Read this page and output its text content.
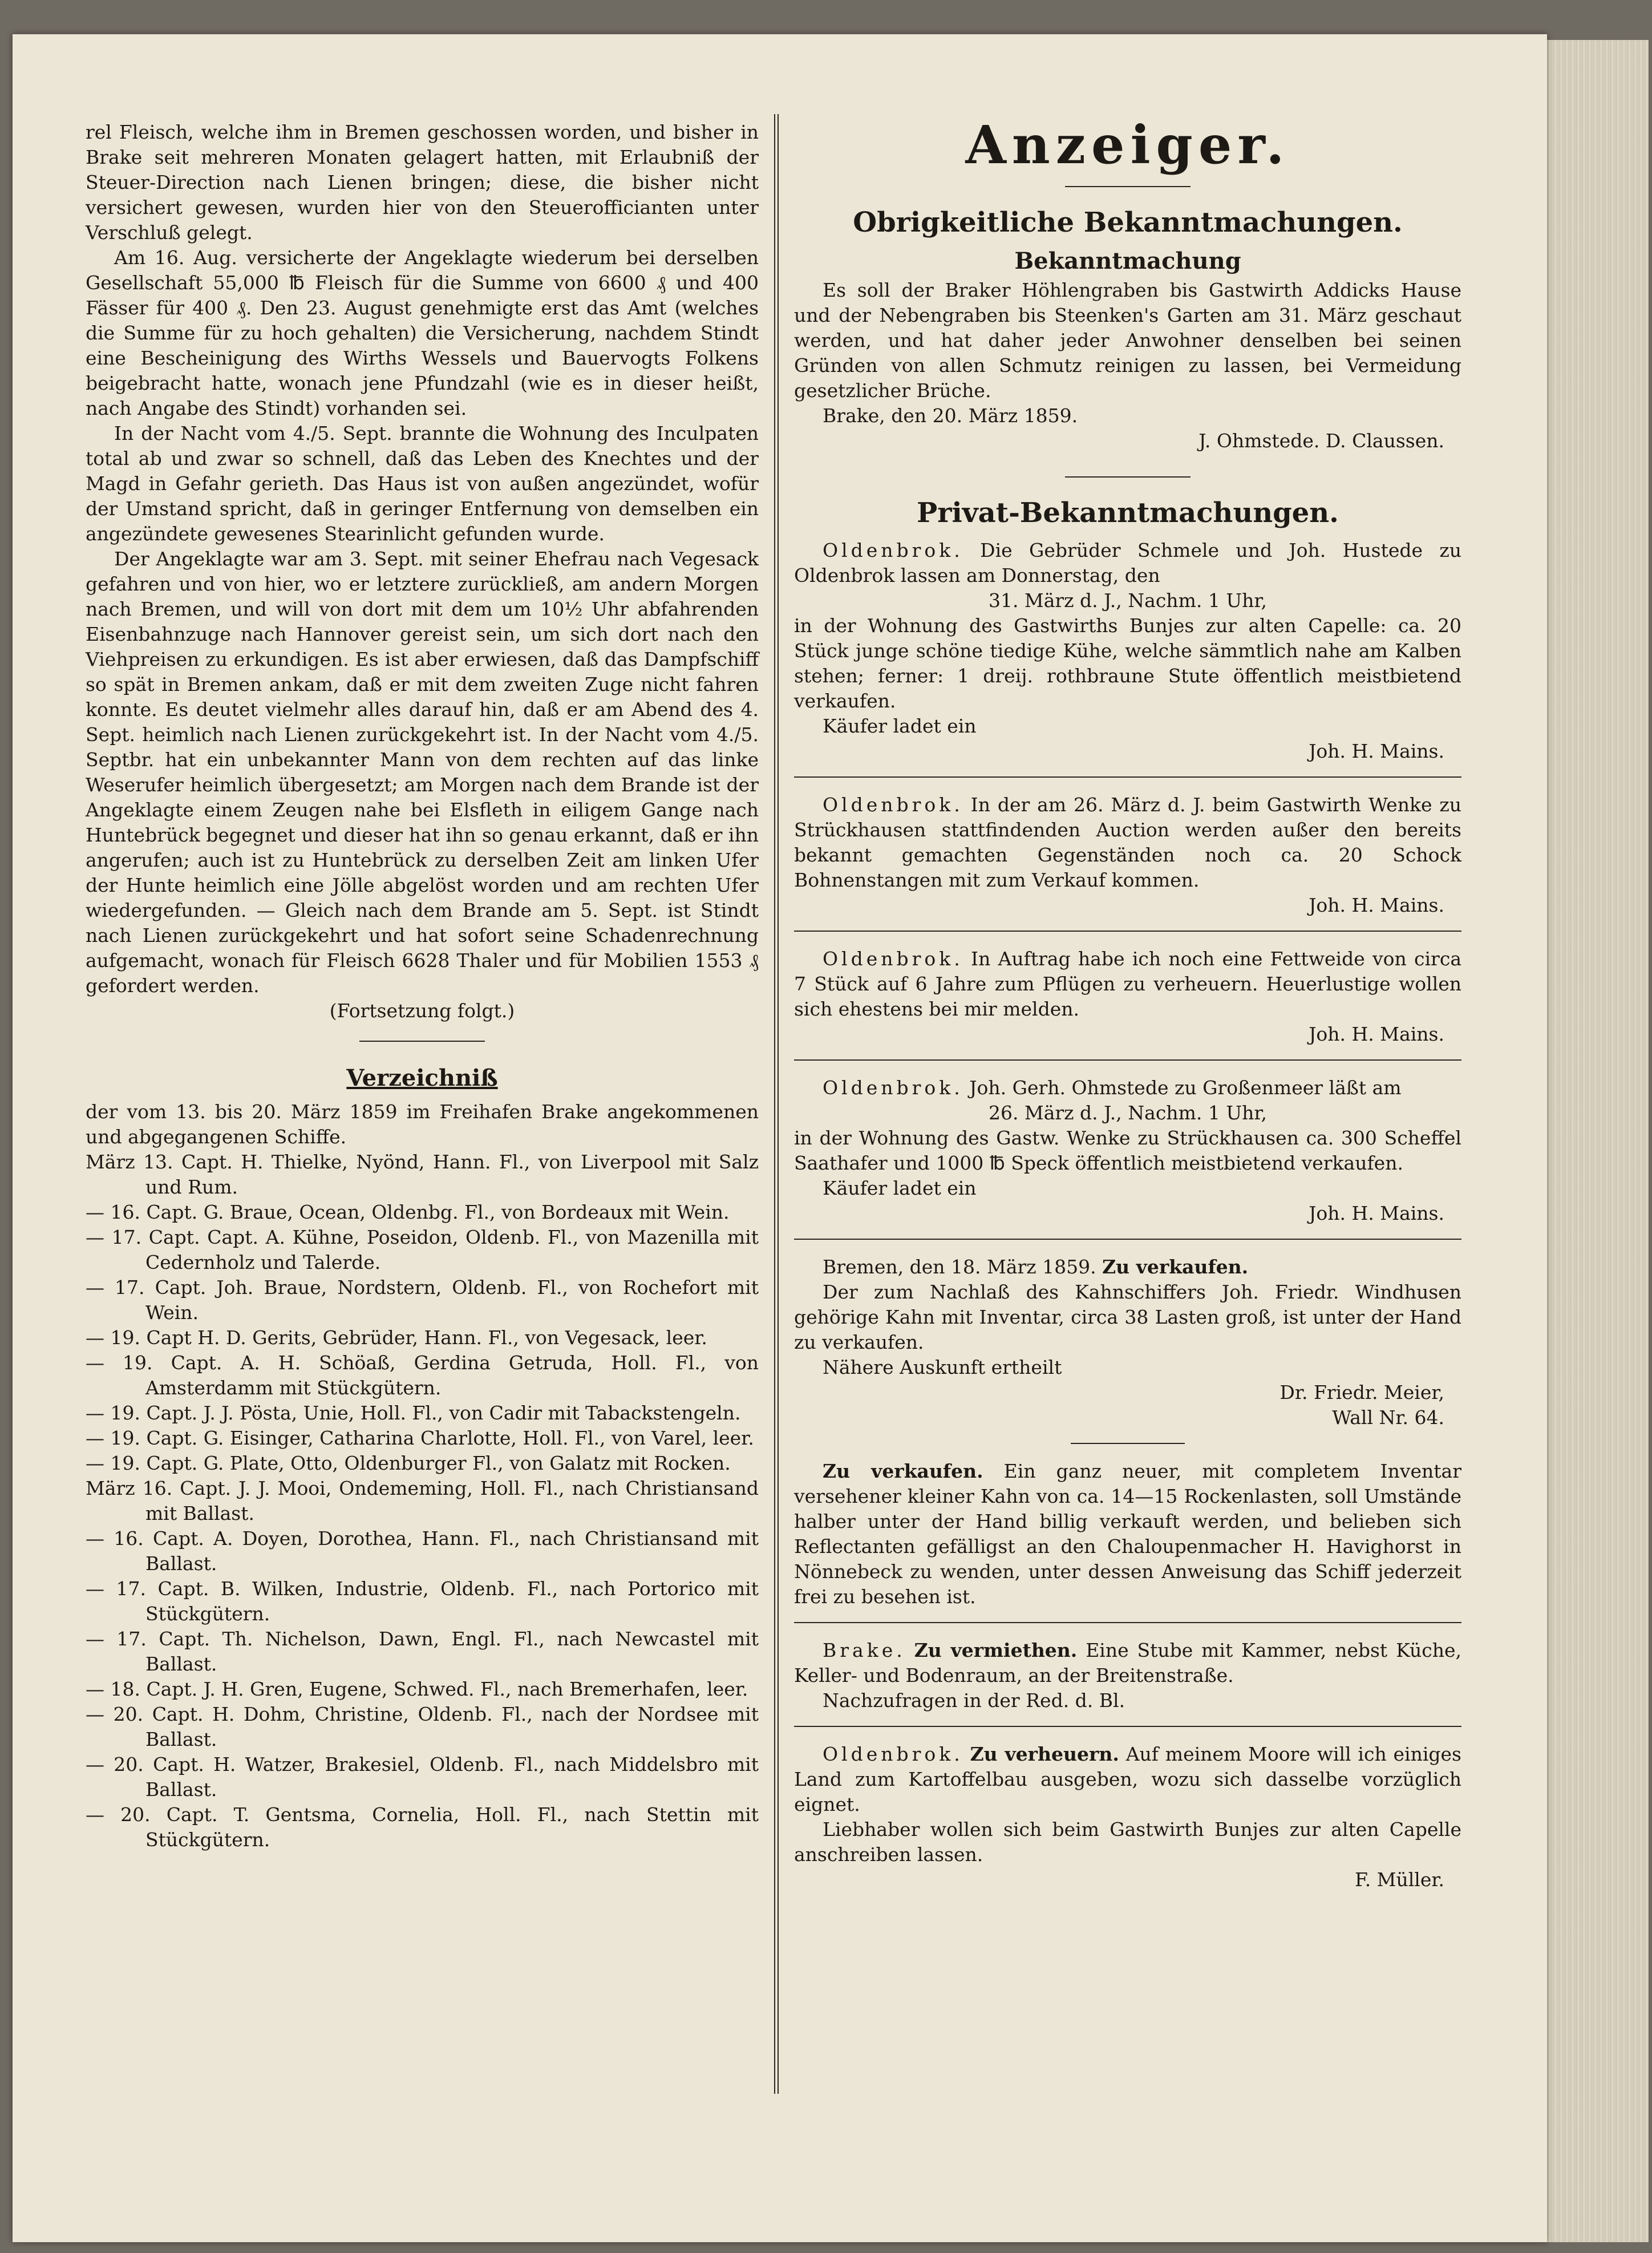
rel Fleisch, welche ihm in Bremen geschossen worden, und bisher in Brake seit mehreren Monaten gelagert hatten, mit Erlaubniß der Steuer-Direction nach Lienen bringen; diese, die bisher nicht versichert gewesen, wurden hier von den Steuerofficianten unter Verschluß gelegt.

Am 16. Aug. versicherte der Angeklagte wiederum bei derselben Gesellschaft 55,000 ℔ Fleisch für die Summe von 6600 ₰ und 400 Fässer für 400 ₰. Den 23. August genehmigte erst das Amt (welches die Summe für zu hoch gehalten) die Versicherung, nachdem Stindt eine Bescheinigung des Wirths Wessels und Bauervogts Folkens beigebracht hatte, wonach jene Pfundzahl (wie es in dieser heißt, nach Angabe des Stindt) vorhanden sei.

In der Nacht vom 4./5. Sept. brannte die Wohnung des Inculpaten total ab und zwar so schnell, daß das Leben des Knechtes und der Magd in Gefahr gerieth. Das Haus ist von außen angezündet, wofür der Umstand spricht, daß in geringer Entfernung von demselben ein angezündete gewesenes Stearinlicht gefunden wurde.

Der Angeklagte war am 3. Sept. mit seiner Ehefrau nach Vegesack gefahren und von hier, wo er letztere zurückließ, am andern Morgen nach Bremen, und will von dort mit dem um 10½ Uhr abfahrenden Eisenbahnzuge nach Hannover gereist sein, um sich dort nach den Viehpreisen zu erkundigen. Es ist aber erwiesen, daß das Dampfschiff so spät in Bremen ankam, daß er mit dem zweiten Zuge nicht fahren konnte. Es deutet vielmehr alles darauf hin, daß er am Abend des 4. Sept. heimlich nach Lienen zurückgekehrt ist. In der Nacht vom 4./5. Septbr. hat ein unbekannter Mann von dem rechten auf das linke Weserufer heimlich übergesetzt; am Morgen nach dem Brande ist der Angeklagte einem Zeugen nahe bei Elsfleth in eiligem Gange nach Huntebrück begegnet und dieser hat ihn so genau erkannt, daß er ihn angerufen; auch ist zu Huntebrück zu derselben Zeit am linken Ufer der Hunte heimlich eine Jölle abgelöst worden und am rechten Ufer wiedergefunden. — Gleich nach dem Brande am 5. Sept. ist Stindt nach Lienen zurückgekehrt und hat sofort seine Schadenrechnung aufgemacht, wonach für Fleisch 6628 Thaler und für Mobilien 1553 ₰ gefordert werden.

(Fortsetzung folgt.)

Verzeichniß

der vom 13. bis 20. März 1859 im Freihafen Brake angekommenen und abgegangenen Schiffe.

März 13. Capt. H. Thielke, Nyönd, Hann. Fl., von Liverpool mit Salz und Rum.
— 16. Capt. G. Braue, Ocean, Oldenbg. Fl., von Bordeaux mit Wein.
— 17. Capt. Capt. A. Kühne, Poseidon, Oldenb. Fl., von Mazenilla mit Cedernholz und Talerde.
— 17. Capt. Joh. Braue, Nordstern, Oldenb. Fl., von Rochefort mit Wein.
— 19. Capt H. D. Gerits, Gebrüder, Hann. Fl., von Vegesack, leer.
— 19. Capt. A. H. Schöaß, Gerdina Getruda, Holl. Fl., von Amsterdamm mit Stückgütern.
— 19. Capt. J. J. Pösta, Unie, Holl. Fl., von Cadir mit Tabackstengeln.
— 19. Capt. G. Eisinger, Catharina Charlotte, Holl. Fl., von Varel, leer.
— 19. Capt. G. Plate, Otto, Oldenburger Fl., von Galatz mit Rocken.
März 16. Capt. J. J. Mooi, Ondememing, Holl. Fl., nach Christiansand mit Ballast.
— 16. Capt. A. Doyen, Dorothea, Hann. Fl., nach Christiansand mit Ballast.
— 17. Capt. B. Wilken, Industrie, Oldenb. Fl., nach Portorico mit Stückgütern.
— 17. Capt. Th. Nichelson, Dawn, Engl. Fl., nach Newcastel mit Ballast.
— 18. Capt. J. H. Gren, Eugene, Schwed. Fl., nach Bremerhafen, leer.
— 20. Capt. H. Dohm, Christine, Oldenb. Fl., nach der Nordsee mit Ballast.
— 20. Capt. H. Watzer, Brakesiel, Oldenb. Fl., nach Middelsbro mit Ballast.
— 20. Capt. T. Gentsma, Cornelia, Holl. Fl., nach Stettin mit Stückgütern.
Anzeiger.
Obrigkeitliche Bekanntmachungen.
Bekanntmachung

Es soll der Braker Höhlengraben bis Gastwirth Addicks Hause und der Nebengraben bis Steenken's Garten am 31. März geschaut werden, und hat daher jeder Anwohner denselben bei seinen Gründen von allen Schmutz reinigen zu lassen, bei Vermeidung gesetzlicher Brüche.

Brake, den 20. März 1859.

J. Ohmstede. D. Claussen.

Privat-Bekanntmachungen.

Oldenbrok. Die Gebrüder Schmele und Joh. Hustede zu Oldenbrok lassen am Donnerstag, den

31. März d. J., Nachm. 1 Uhr,

in der Wohnung des Gastwirths Bunjes zur alten Capelle: ca. 20 Stück junge schöne tiedige Kühe, welche sämmtlich nahe am Kalben stehen; ferner: 1 dreij. rothbraune Stute öffentlich meistbietend verkaufen.

Käufer ladet ein

Joh. H. Mains.

Oldenbrok. In der am 26. März d. J. beim Gastwirth Wenke zu Strückhausen stattfindenden Auction werden außer den bereits bekannt gemachten Gegenständen noch ca. 20 Schock Bohnenstangen mit zum Verkauf kommen.

Joh. H. Mains.

Oldenbrok. In Auftrag habe ich noch eine Fettweide von circa 7 Stück auf 6 Jahre zum Pflügen zu verheuern. Heuerlustige wollen sich ehestens bei mir melden.

Joh. H. Mains.

Oldenbrok. Joh. Gerh. Ohmstede zu Großenmeer läßt am

26. März d. J., Nachm. 1 Uhr,

in der Wohnung des Gastw. Wenke zu Strückhausen ca. 300 Scheffel Saathafer und 1000 ℔ Speck öffentlich meistbietend verkaufen.

Käufer ladet ein

Joh. H. Mains.

Bremen, den 18. März 1859. Zu verkaufen.

Der zum Nachlaß des Kahnschiffers Joh. Friedr. Windhusen gehörige Kahn mit Inventar, circa 38 Lasten groß, ist unter der Hand zu verkaufen.

Nähere Auskunft ertheilt

Dr. Friedr. Meier,

Wall Nr. 64.

Zu verkaufen. Ein ganz neuer, mit completem Inventar versehener kleiner Kahn von ca. 14—15 Rockenlasten, soll Umstände halber unter der Hand billig verkauft werden, und belieben sich Reflectanten gefälligst an den Chaloupenmacher H. Havighorst in Nönnebeck zu wenden, unter dessen Anweisung das Schiff jederzeit frei zu besehen ist.

Brake. Zu vermiethen. Eine Stube mit Kammer, nebst Küche, Keller- und Bodenraum, an der Breitenstraße.

Nachzufragen in der Red. d. Bl.

Oldenbrok. Zu verheuern. Auf meinem Moore will ich einiges Land zum Kartoffelbau ausgeben, wozu sich dasselbe vorzüglich eignet.

Liebhaber wollen sich beim Gastwirth Bunjes zur alten Capelle anschreiben lassen.

F. Müller.
